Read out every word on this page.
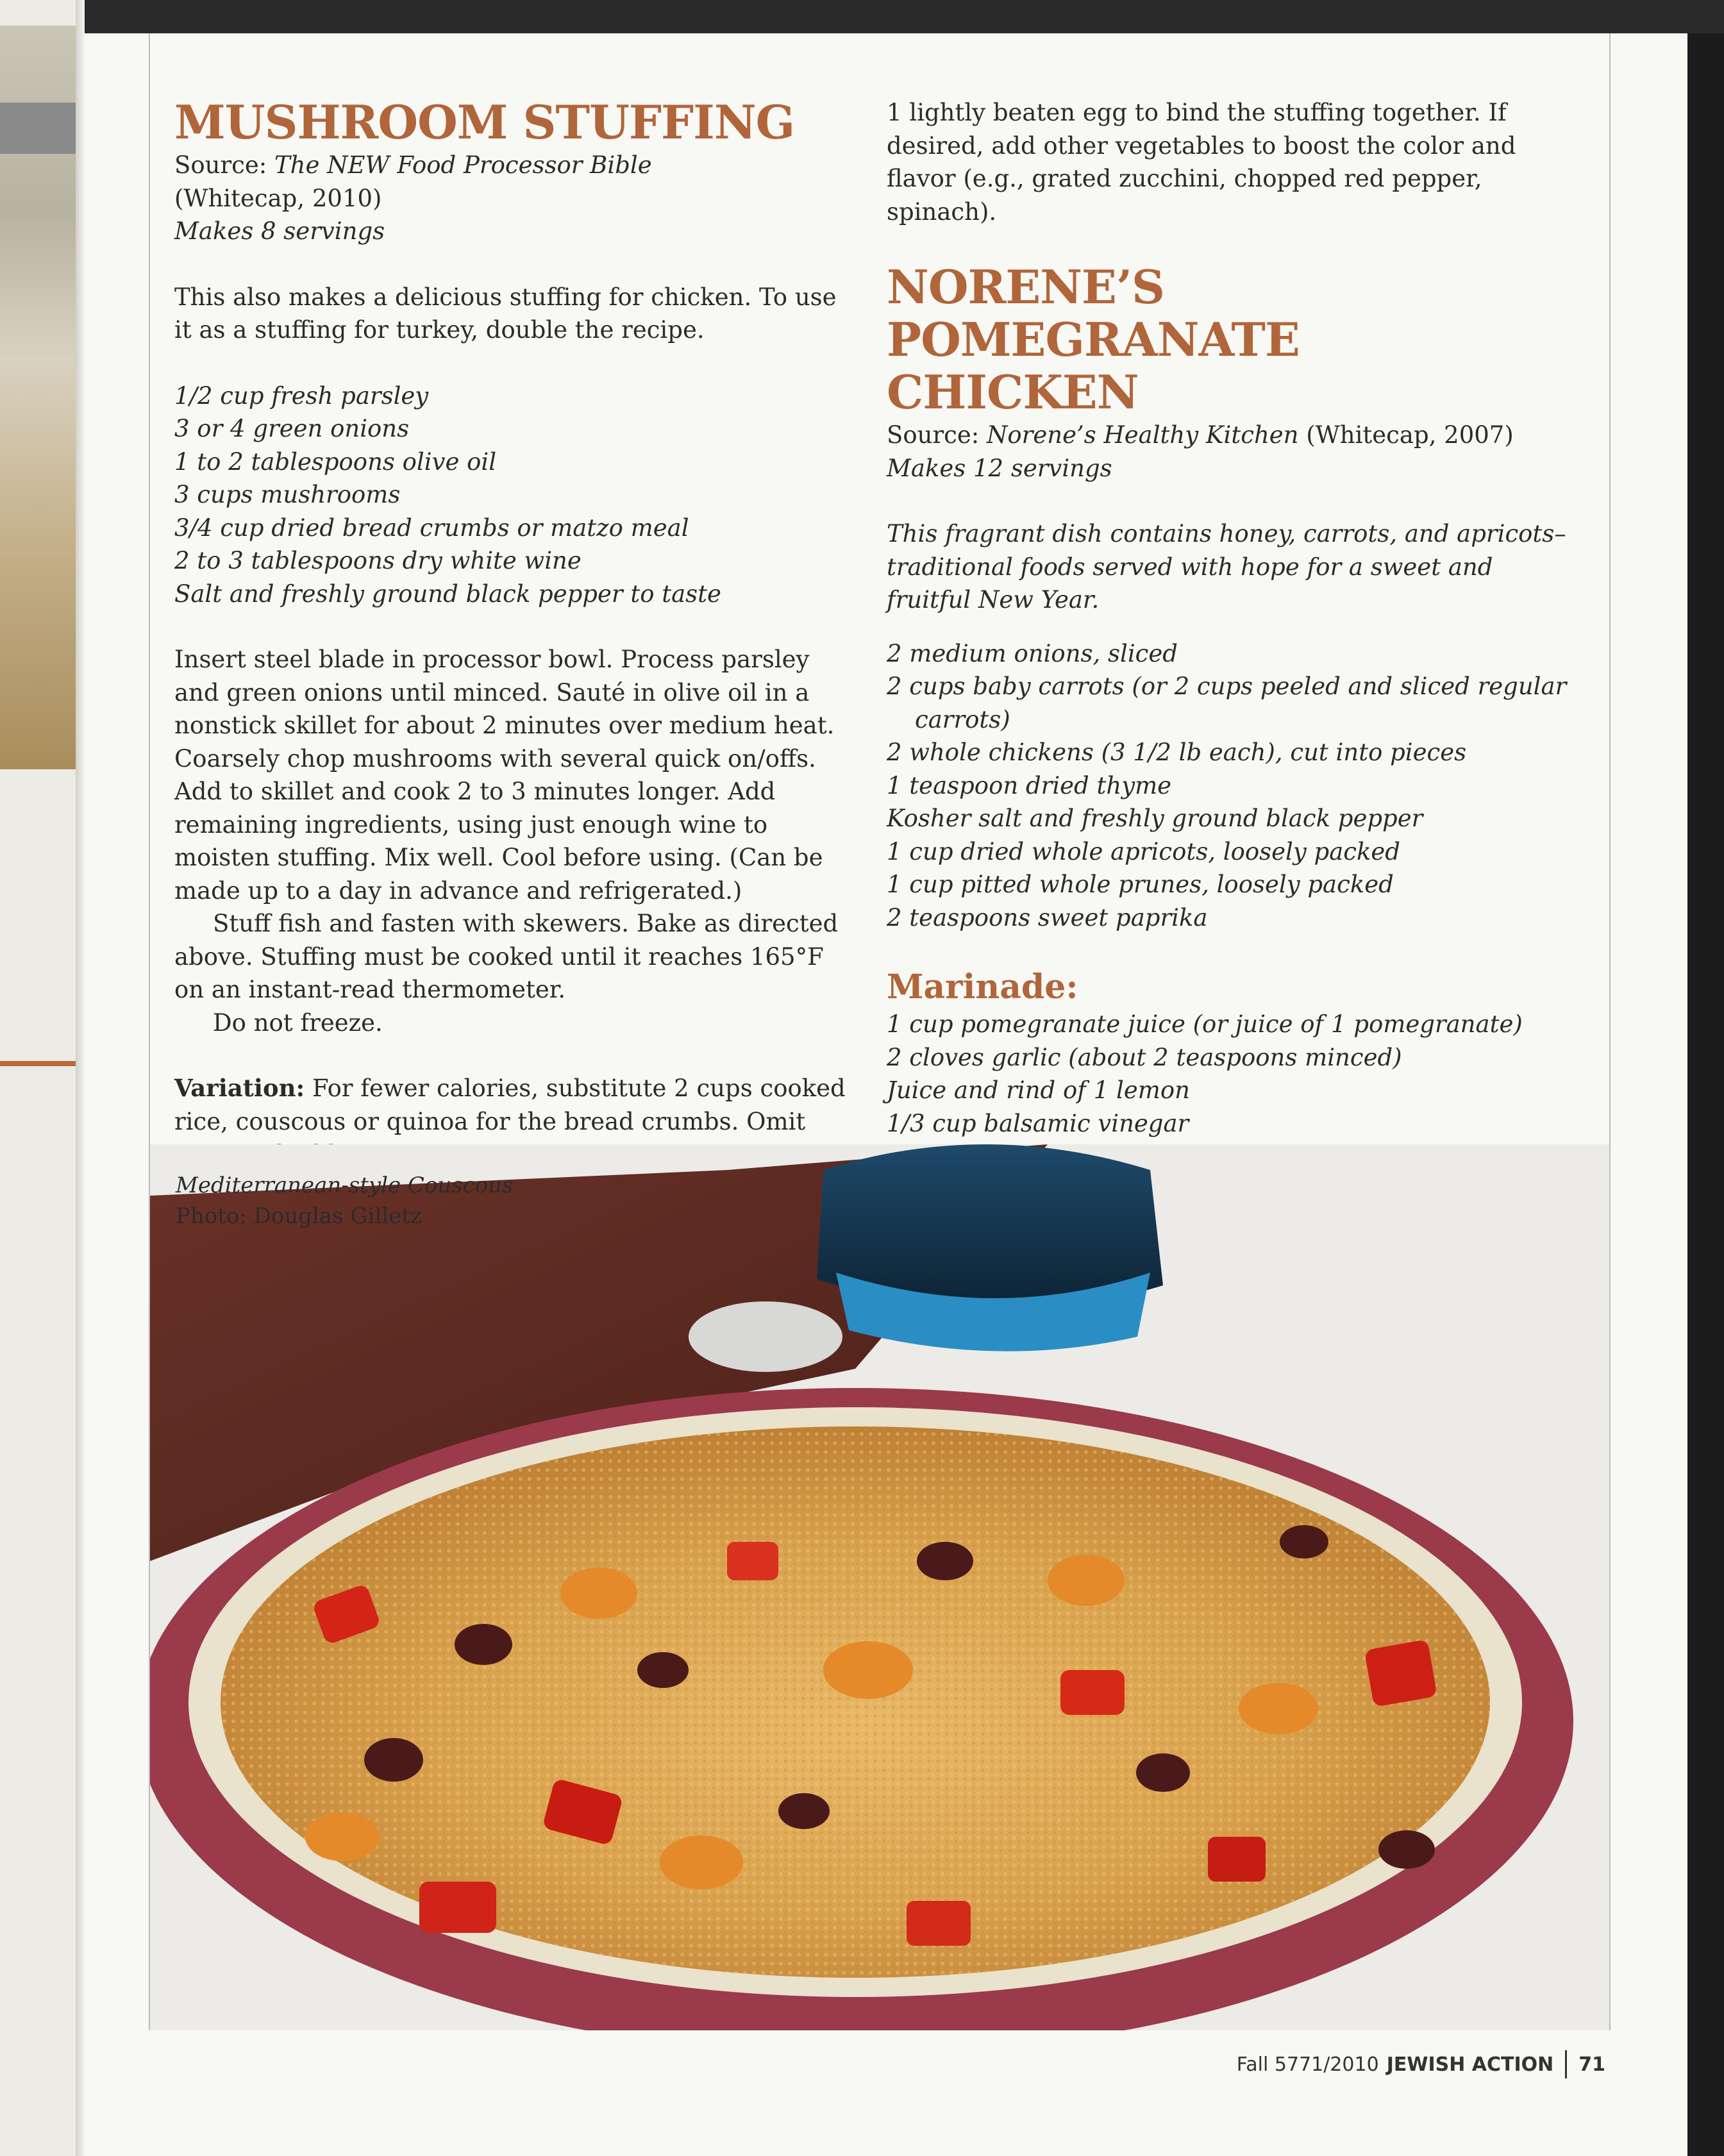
MUSHROOM STUFFING

Source: The NEW Food Processor Bible

(Whitecap, 2010)

Makes 8 servings

This also makes a delicious stuffing for chicken. To use it as a stuffing for turkey, double the recipe.

1/2 cup fresh parsley

3 or 4 green onions

1 to 2 tablespoons olive oil

3 cups mushrooms

3/4 cup dried bread crumbs or matzo meal

2 to 3 tablespoons dry white wine

Salt and freshly ground black pepper to taste

Insert steel blade in processor bowl. Process parsley and green onions until minced. Sauté in olive oil in a nonstick skillet for about 2 minutes over medium heat. Coarsely chop mushrooms with several quick on/offs. Add to skillet and cook 2 to 3 minutes longer. Add remaining ingredients, using just enough wine to moisten stuffing. Mix well. Cool before using. (Can be made up to a day in advance and refrigerated.)

Stuff fish and fasten with skewers. Bake as directed above. Stuffing must be cooked until it reaches 165°F on an instant-read thermometer.

Do not freeze.

Variation: For fewer calories, substitute 2 cups cooked rice, couscous or quinoa for the bread crumbs. Omit

1 lightly beaten egg to bind the stuffing together. If desired, add other vegetables to boost the color and flavor (e.g., grated zucchini, chopped red pepper, spinach).

NORENE’S POMEGRANATE
CHICKEN

Source: Norene’s Healthy Kitchen (Whitecap, 2007)

Makes 12 servings

This fragrant dish contains honey, carrots, and apricots–traditional foods served with hope for a sweet and fruitful New Year.

2 medium onions, sliced

2 cups baby carrots (or 2 cups peeled and sliced regular carrots)

2 whole chickens (3 1/2 lb each), cut into pieces

1 teaspoon dried thyme

Kosher salt and freshly ground black pepper

1 cup dried whole apricots, loosely packed

1 cup pitted whole prunes, loosely packed

2 teaspoons sweet paprika

Marinade:

1 cup pomegranate juice (or juice of 1 pomegranate)

2 cloves garlic (about 2 teaspoons minced)

Juice and rind of 1 lemon

1/3 cup balsamic vinegar

Mediterranean-style Couscous

Photo: Douglas Gilletz

Fall 5771/2010 JEWISH ACTION 71
